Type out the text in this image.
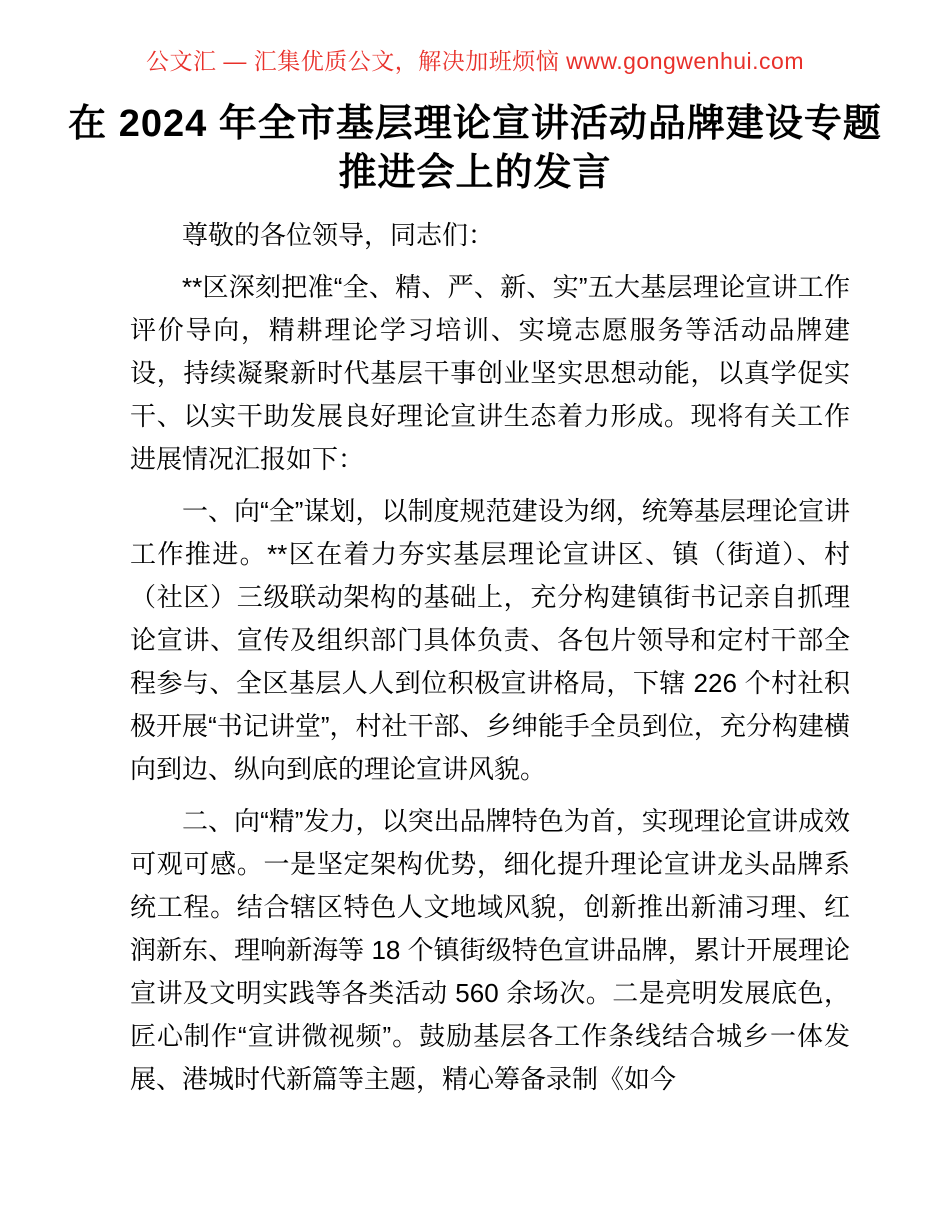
公文汇 — 汇集优质公文，解决加班烦恼 www.gongwenhui.com
在 2024 年全市基层理论宣讲活动品牌建设专题
推进会上的发言

尊敬的各位领导，同志们：

**区深刻把准“全、精、严、新、实”五大基层理论宣讲工作评价导向，精耕理论学习培训、实境志愿服务等活动品牌建设，持续凝聚新时代基层干事创业坚实思想动能，以真学促实干、以实干助发展良好理论宣讲生态着力形成。现将有关工作进展情况汇报如下：

一、向“全”谋划，以制度规范建设为纲，统筹基层理论宣讲工作推进。**区在着力夯实基层理论宣讲区、镇（街道）、村（社区）三级联动架构的基础上，充分构建镇街书记亲自抓理论宣讲、宣传及组织部门具体负责、各包片领导和定村干部全程参与、全区基层人人到位积极宣讲格局，下辖 226 个村社积极开展“书记讲堂”，村社干部、乡绅能手全员到位，充分构建横向到边、纵向到底的理论宣讲风貌。

二、向“精”发力，以突出品牌特色为首，实现理论宣讲成效可观可感。一是坚定架构优势，细化提升理论宣讲龙头品牌系统工程。结合辖区特色人文地域风貌，创新推出新浦习理、红润新东、理响新海等 18 个镇街级特色宣讲品牌，累计开展理论宣讲及文明实践等各类活动 560 余场次。二是亮明发展底色，匠心制作“宣讲微视频”。鼓励基层各工作条线结合城乡一体发展、港城时代新篇等主题，精心筹备录制《如今
